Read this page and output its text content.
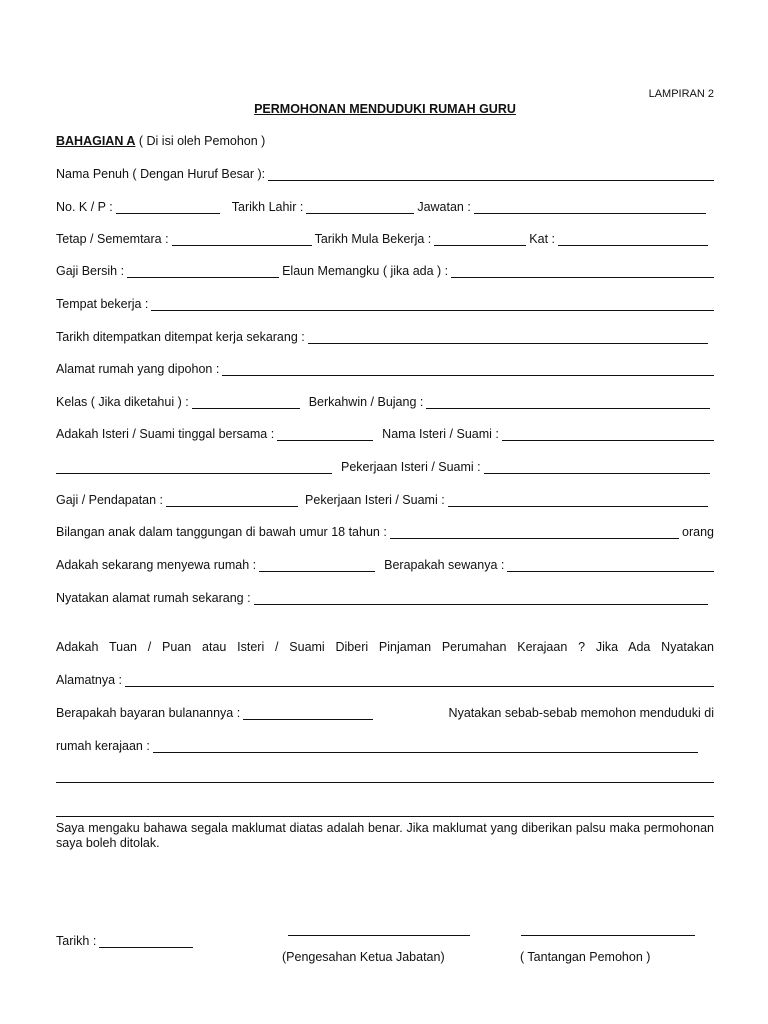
LAMPIRAN 2
PERMOHONAN MENDUDUKI RUMAH GURU
BAHAGIAN A ( Di isi oleh Pemohon )
Nama Penuh ( Dengan Huruf Besar ):
No. K / P :	Tarikh Lahir :	Jawatan :
Tetap / Sememtara :	Tarikh Mula Bekerja :	Kat :
Gaji Bersih :	Elaun Memangku ( jika ada ) :
Tempat bekerja :
Tarikh ditempatkan ditempat kerja sekarang :
Alamat rumah yang dipohon :
Kelas ( Jika diketahui ) :	Berkahwin / Bujang :
Adakah Isteri / Suami tinggal bersama :	Nama Isteri / Suami :
Pekerjaan Isteri / Suami :
Gaji / Pendapatan :	Pekerjaan Isteri / Suami :
Bilangan anak dalam tanggungan di bawah umur 18 tahun :	orang
Adakah sekarang menyewa rumah :	Berapakah sewanya :
Nyatakan alamat rumah sekarang :
Adakah Tuan / Puan atau Isteri / Suami Diberi Pinjaman Perumahan Kerajaan ? Jika Ada Nyatakan
Alamatnya :
Berapakah bayaran bulanannya :	Nyatakan sebab-sebab memohon menduduki di
rumah kerajaan :
Saya mengaku bahawa segala maklumat diatas adalah benar. Jika maklumat yang diberikan palsu maka permohonan saya boleh ditolak.
Tarikh :
(Pengesahan Ketua Jabatan)	( Tantangan Pemohon )
